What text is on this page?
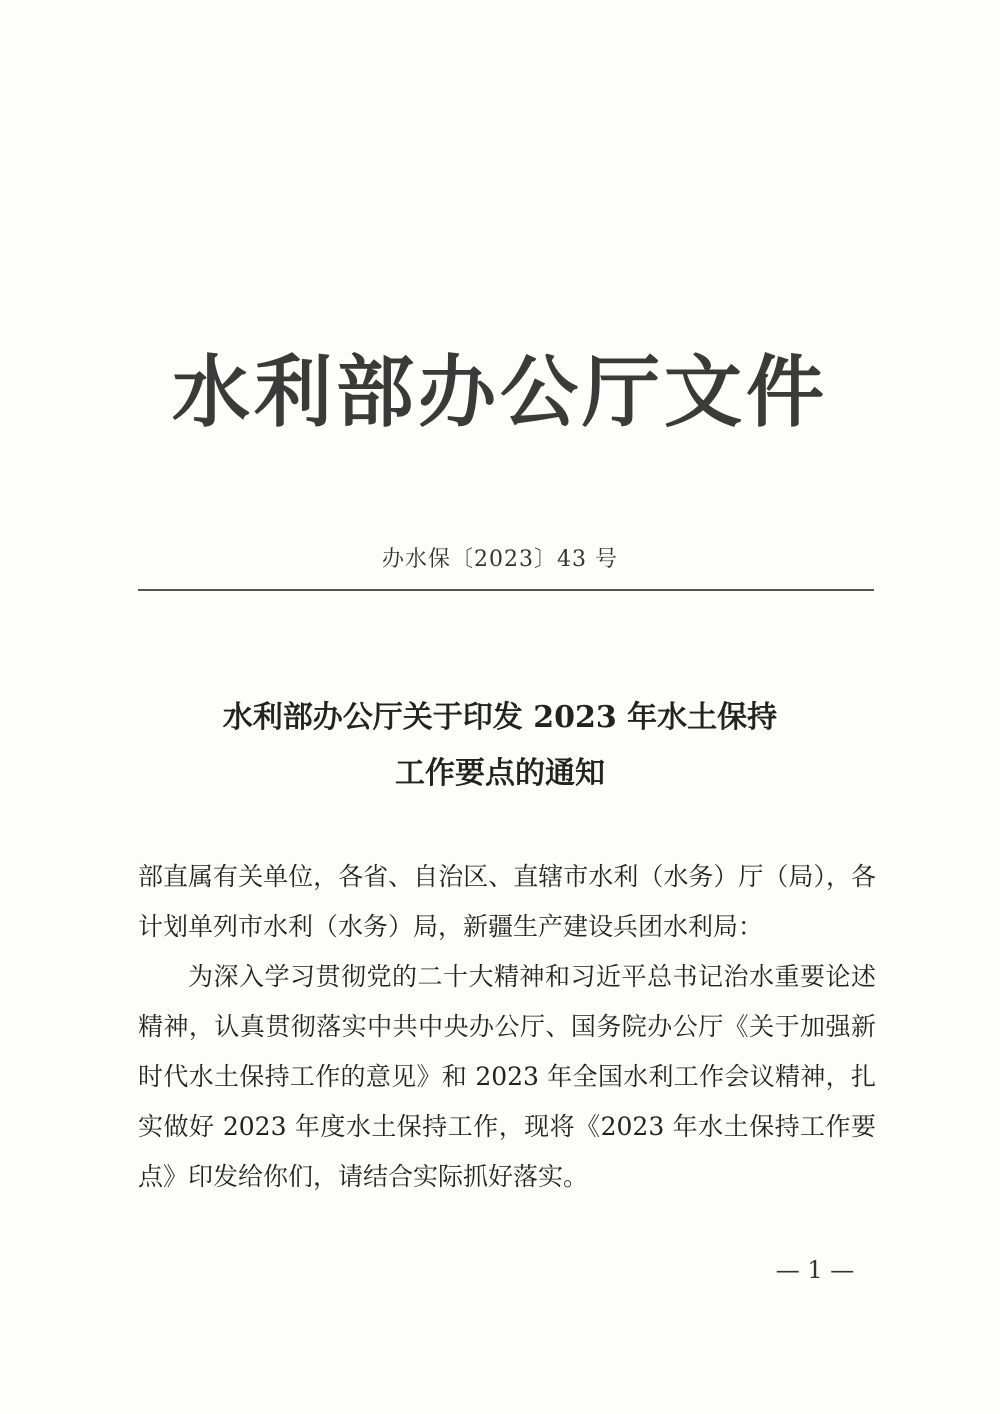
水利部办公厅文件
办水保〔2023〕43 号
水利部办公厅关于印发 2023 年水土保持
工作要点的通知

部直属有关单位，各省、自治区、直辖市水利（水务）厅（局），各计划单列市水利（水务）局，新疆生产建设兵团水利局：

为深入学习贯彻党的二十大精神和习近平总书记治水重要论述精神，认真贯彻落实中共中央办公厅、国务院办公厅《关于加强新时代水土保持工作的意见》和 2023 年全国水利工作会议精神，扎实做好 2023 年度水土保持工作，现将《2023 年水土保持工作要点》印发给你们，请结合实际抓好落实。

— 1 —
